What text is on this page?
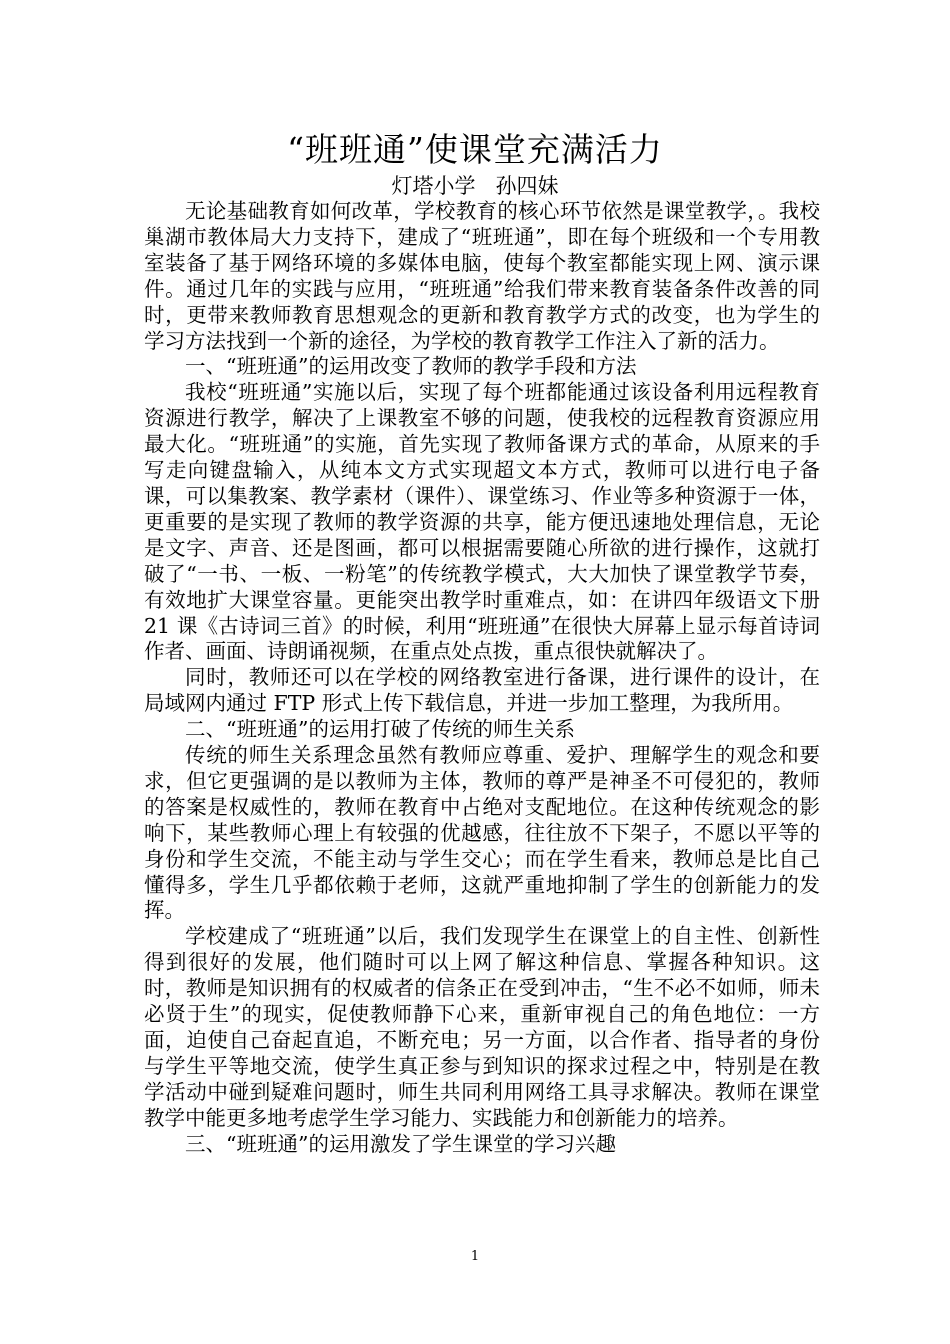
“班班通”使课堂充满活力
灯塔小学   孙四妹

无论基础教育如何改革，学校教育的核心环节依然是课堂教学，。我校巢湖市教体局大力支持下，建成了“班班通”，即在每个班级和一个专用教室装备了基于网络环境的多媒体电脑，使每个教室都能实现上网、演示课件。通过几年的实践与应用，“班班通”给我们带来教育装备条件改善的同时，更带来教师教育思想观念的更新和教育教学方式的改变，也为学生的学习方法找到一个新的途径，为学校的教育教学工作注入了新的活力。

一、“班班通”的运用改变了教师的教学手段和方法

我校“班班通”实施以后，实现了每个班都能通过该设备利用远程教育资源进行教学，解决了上课教室不够的问题，使我校的远程教育资源应用最大化。“班班通”的实施，首先实现了教师备课方式的革命，从原来的手写走向键盘输入，从纯本文方式实现超文本方式，教师可以进行电子备课，可以集教案、教学素材（课件）、课堂练习、作业等多种资源于一体，更重要的是实现了教师的教学资源的共享，能方便迅速地处理信息，无论是文字、声音、还是图画，都可以根据需要随心所欲的进行操作，这就打破了“一书、一板、一粉笔”的传统教学模式，大大加快了课堂教学节奏，有效地扩大课堂容量。更能突出教学时重难点，如：在讲四年级语文下册 21 课《古诗词三首》的时候，利用“班班通”在很快大屏幕上显示每首诗词作者、画面、诗朗诵视频，在重点处点拨，重点很快就解决了。

同时，教师还可以在学校的网络教室进行备课，进行课件的设计，在局域网内通过 FTP 形式上传下载信息，并进一步加工整理，为我所用。

二、“班班通”的运用打破了传统的师生关系

传统的师生关系理念虽然有教师应尊重、爱护、理解学生的观念和要求，但它更强调的是以教师为主体，教师的尊严是神圣不可侵犯的，教师的答案是权威性的，教师在教育中占绝对支配地位。在这种传统观念的影响下，某些教师心理上有较强的优越感，往往放不下架子，不愿以平等的身份和学生交流，不能主动与学生交心；而在学生看来，教师总是比自己懂得多，学生几乎都依赖于老师，这就严重地抑制了学生的创新能力的发挥。

学校建成了“班班通”以后，我们发现学生在课堂上的自主性、创新性得到很好的发展，他们随时可以上网了解这种信息、掌握各种知识。这时，教师是知识拥有的权威者的信条正在受到冲击，“生不必不如师，师未必贤于生”的现实，促使教师静下心来，重新审视自己的角色地位：一方面，迫使自己奋起直追，不断充电；另一方面，以合作者、指导者的身份与学生平等地交流，使学生真正参与到知识的探求过程之中，特别是在教学活动中碰到疑难问题时，师生共同利用网络工具寻求解决。教师在课堂教学中能更多地考虑学生学习能力、实践能力和创新能力的培养。

三、“班班通”的运用激发了学生课堂的学习兴趣

1
